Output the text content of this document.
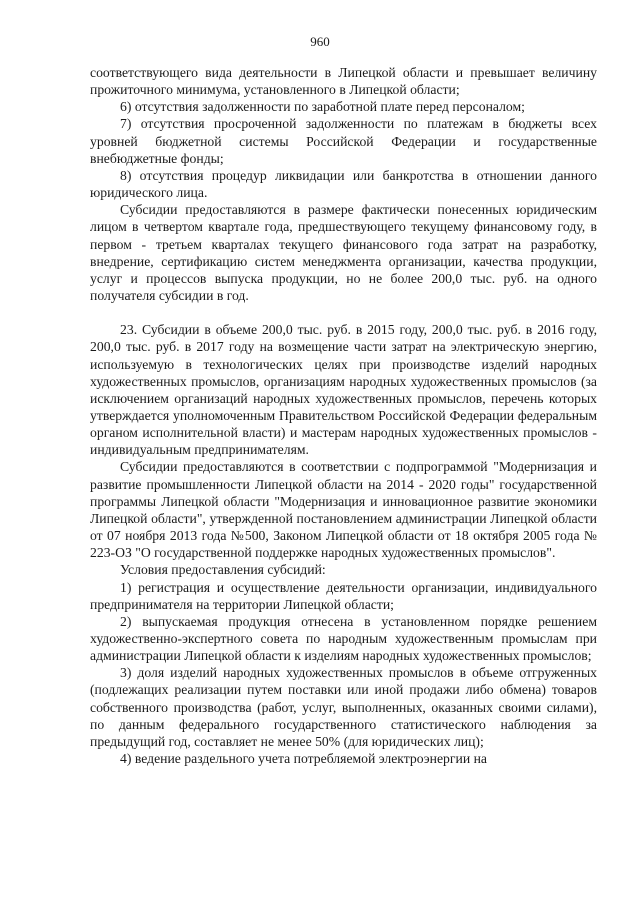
960

соответствующего вида деятельности в Липецкой области и превышает величину прожиточного минимума, установленного в Липецкой области;

6) отсутствия задолженности по заработной плате перед персоналом;

7) отсутствия просроченной задолженности по платежам в бюджеты всех уровней бюджетной системы Российской Федерации и государственные внебюджетные фонды;

8) отсутствия процедур ликвидации или банкротства в отношении данного юридического лица.

Субсидии предоставляются в размере фактически понесенных юридическим лицом в четвертом квартале года, предшествующего текущему финансовому году, в первом - третьем кварталах текущего финансового года затрат на разработку, внедрение, сертификацию систем менеджмента организации, качества продукции, услуг и процессов выпуска продукции, но не более 200,0 тыс. руб. на одного получателя субсидии в год.

23. Субсидии в объеме 200,0 тыс. руб. в 2015 году, 200,0 тыс. руб. в 2016 году, 200,0 тыс. руб. в 2017 году на возмещение части затрат на электрическую энергию, используемую в технологических целях при производстве изделий народных художественных промыслов, организациям народных художественных промыслов (за исключением организаций народных художественных промыслов, перечень которых утверждается уполномоченным Правительством Российской Федерации федеральным органом исполнительной власти) и мастерам народных художественных промыслов - индивидуальным предпринимателям.

Субсидии предоставляются в соответствии с подпрограммой "Модернизация и развитие промышленности Липецкой области на 2014 - 2020 годы" государственной программы Липецкой области "Модернизация и инновационное развитие экономики Липецкой области", утвержденной постановлением администрации Липецкой области от 07 ноября 2013 года №500, Законом Липецкой области от 18 октября 2005 года № 223-ОЗ "О государственной поддержке народных художественных промыслов".

Условия предоставления субсидий:

1) регистрация и осуществление деятельности организации, индивидуального предпринимателя на территории Липецкой области;

2) выпускаемая продукция отнесена в установленном порядке решением художественно-экспертного совета по народным художественным промыслам при администрации Липецкой области к изделиям народных художественных промыслов;

3) доля изделий народных художественных промыслов в объеме отгруженных (подлежащих реализации путем поставки или иной продажи либо обмена) товаров собственного производства (работ, услуг, выполненных, оказанных своими силами), по данным федерального государственного статистического наблюдения за предыдущий год, составляет не менее 50% (для юридических лиц);

4) ведение раздельного учета потребляемой электроэнергии на
